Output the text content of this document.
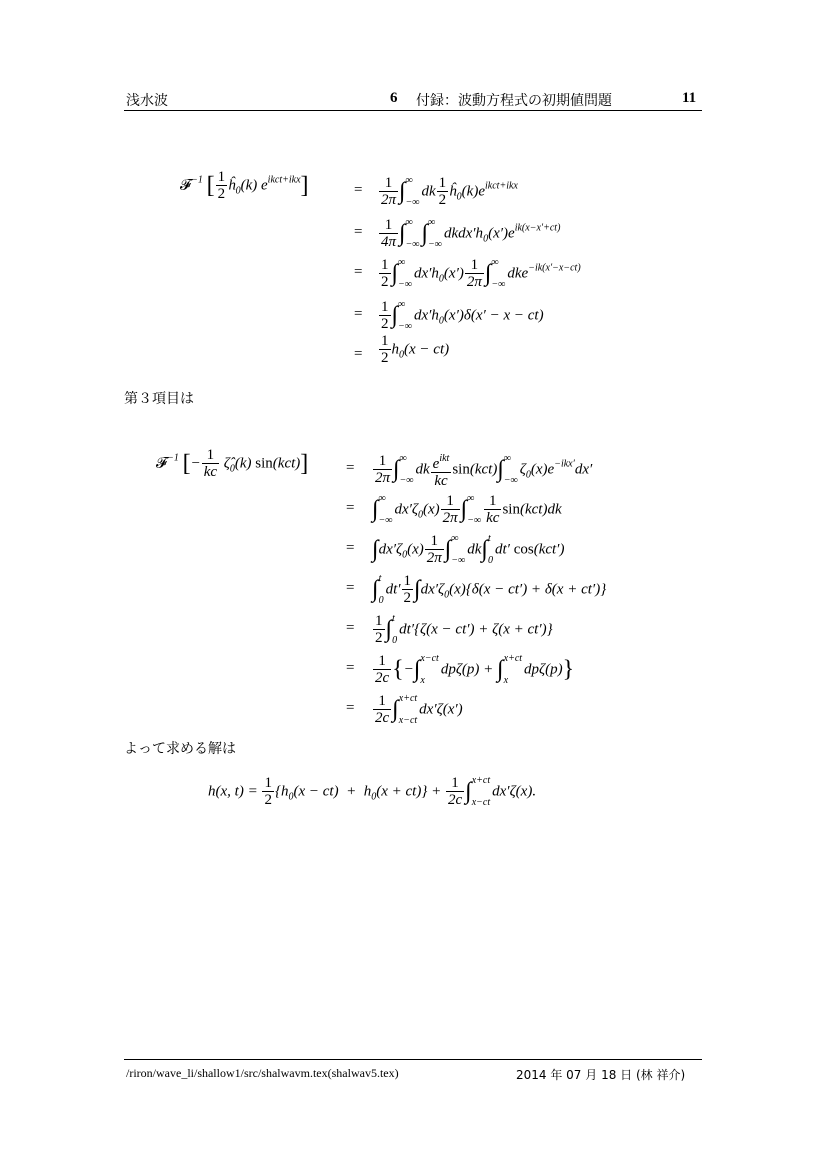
浅水波	6 付録：波動方程式の初期値問題	11
𝓕$^{-1}$ [ $\frac{1}{2}$ $ĥ_0(k)$ $e^{ikct+ikx}$]	= $\frac{1}{2\pi}$ ∫ ∞
−∞
dk $\frac{1}{2}$ $ĥ_0(k)e^{ikct+ikx}$
= $\frac{1}{4\pi}$ ∫ ∞
−∞ ∫ ∞
−∞
$dkdx'h_0(x')e^{ik(x-x'+ct)}$
= $\frac{1}{2}$ ∫ ∞
−∞
$dx'h_0(x') \frac{1}{2\pi}$ ∫ ∞
−∞
dke$^{-ik(x'-x-ct)}$
= $\frac{1}{2}$ ∫ ∞
−∞
$dx'h_0(x')\delta(x' - x - ct)$
= $\frac{1}{2} h_0(x - ct)$
第３項目は
𝓕$^{-1}$ [− $\frac{1}{kc}$ $\zetâ_0(k)$ sin(kct)]	= $\frac{1}{2\pi}$ ∫ ∞
−∞
dk $\frac{e^{ikt}}{kc} \sin(kct)\int$ ∞
−∞
$\zeta_0(x)e^{-ikx'}dx'$
= ∫ ∞
−∞
$dx'\zeta_0(x) \frac{1}{2\pi}$ ∫ ∞
−∞ $\frac{1}{kc} \sin(kct)dk$
= $\int dx'\zeta_0(x) \frac{1}{2\pi}$ ∫ ∞
−∞
dk∫ t
0
dt′ cos(kct′)
= ∫ t
0
$dt' \frac{1}{2} \int dx'\zeta_0(x)\{\delta(x - ct') + \delta(x + ct')\}$
= $\frac{1}{2}$ ∫ t
0
dt′{ζ(x − ct′) + ζ(x + ct′)}
= $\frac{1}{2c}$ {−∫ x−ct
x
dpζ(p) + ∫ x+ct
x
dpζ(p)}
= $\frac{1}{2c}$ ∫ x+ct
x−ct
dx′ζ(x′)
よって求める解は
h(x, $t) = \frac{1}{2} \{h_0(x - ct) + h_0(x + ct)\} + \frac{1}{2c}$ ∫ x+ct
x−ct
dx′ζ(x).
/riron/wave_li/shallow1/src/shalwavm.tex(shalwav5.tex)	2014 年 07 月 18 日 (林 祥介)
